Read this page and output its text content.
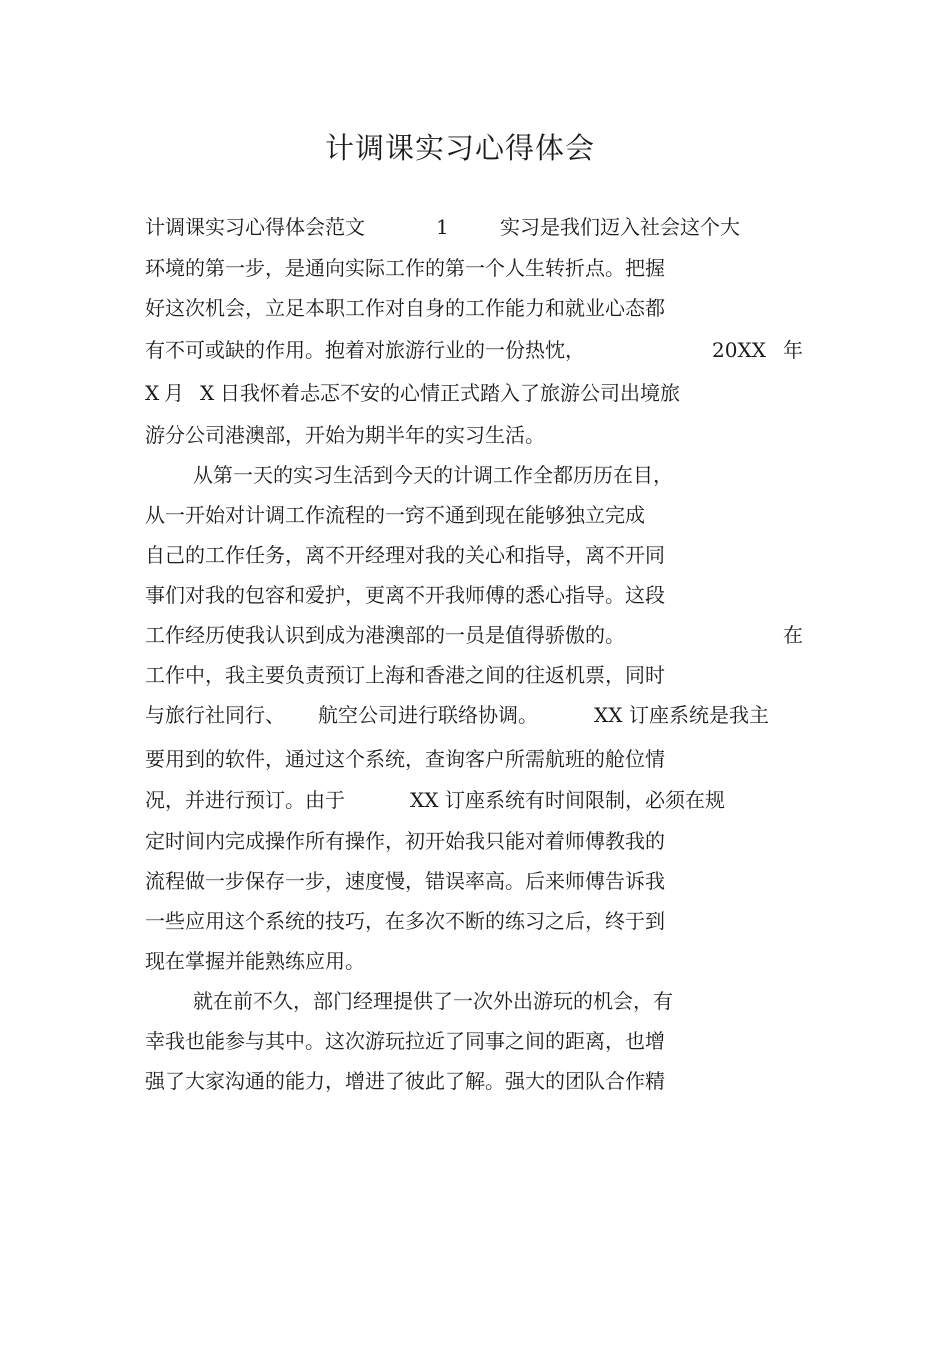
计调课实习心得体会
计调课实习心得体会范文	1	实习是我们迈入社会这个大
环境的第一步，是通向实际工作的第一个人生转折点。把握
好这次机会，立足本职工作对自身的工作能力和就业心态都
有不可或缺的作用。抱着对旅游行业的一份热忱，	20XX 年
X 月 X 日我怀着忐忑不安的心情正式踏入了旅游公司出境旅
游分公司港澳部，开始为期半年的实习生活。
从第一天的实习生活到今天的计调工作全都历历在目，
从一开始对计调工作流程的一窍不通到现在能够独立完成
自己的工作任务，离不开经理对我的关心和指导，离不开同
事们对我的包容和爱护，更离不开我师傅的悉心指导。这段
工作经历使我认识到成为港澳部的一员是值得骄傲的。	在
工作中，我主要负责预订上海和香港之间的往返机票，同时
与旅行社同行、 航空公司进行联络协调。	XX 订座系统是我主
要用到的软件，通过这个系统，查询客户所需航班的舱位情
况，并进行预订。由于	XX 订座系统有时间限制，必须在规
定时间内完成操作所有操作，初开始我只能对着师傅教我的
流程做一步保存一步，速度慢，错误率高。后来师傅告诉我
一些应用这个系统的技巧，在多次不断的练习之后，终于到
现在掌握并能熟练应用。
就在前不久，部门经理提供了一次外出游玩的机会，有
幸我也能参与其中。这次游玩拉近了同事之间的距离，也增
强了大家沟通的能力，增进了彼此了解。强大的团队合作精
